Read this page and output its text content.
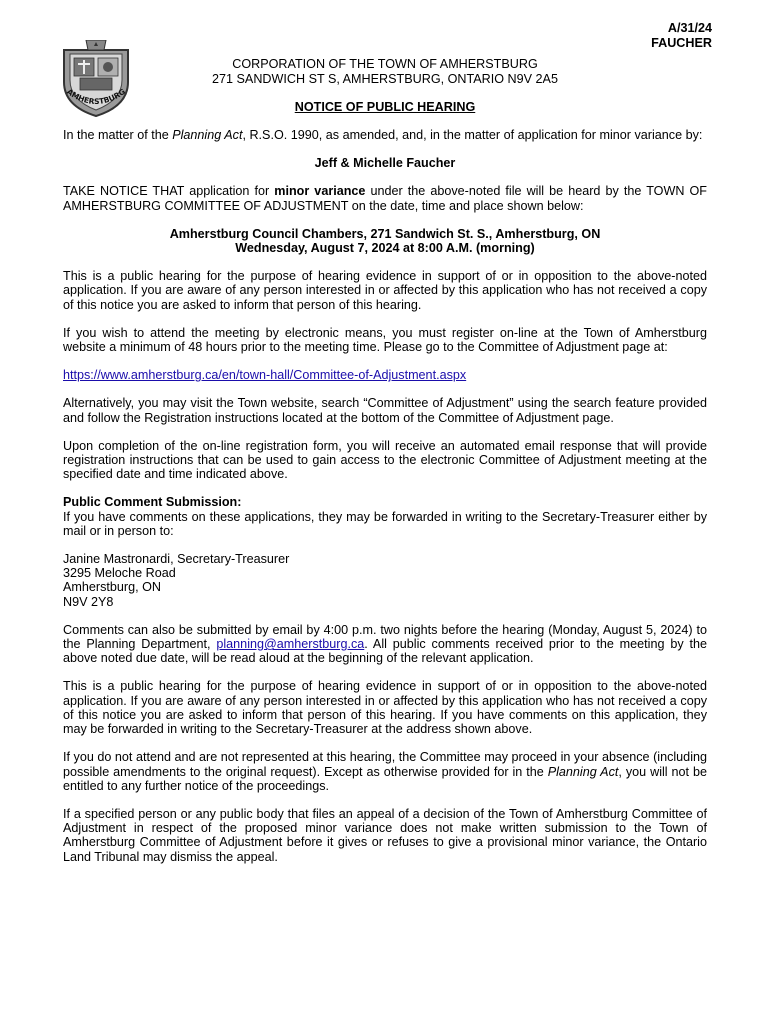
A/31/24
FAUCHER
AMHERSTBURG
CORPORATION OF THE TOWN OF AMHERSTBURG
271 SANDWICH ST S, AMHERSTBURG, ONTARIO N9V 2A5
NOTICE OF PUBLIC HEARING

In the matter of the Planning Act, R.S.O. 1990, as amended, and, in the matter of application for minor variance by:

Jeff & Michelle Faucher

TAKE NOTICE THAT application for minor variance under the above-noted file will be heard by the TOWN OF AMHERSTBURG COMMITTEE OF ADJUSTMENT on the date, time and place shown below:

Amherstburg Council Chambers, 271 Sandwich St. S., Amherstburg, ON
Wednesday, August 7, 2024 at 8:00 A.M. (morning)

This is a public hearing for the purpose of hearing evidence in support of or in opposition to the above-noted application. If you are aware of any person interested in or affected by this application who has not received a copy of this notice you are asked to inform that person of this hearing.

If you wish to attend the meeting by electronic means, you must register on-line at the Town of Amherstburg website a minimum of 48 hours prior to the meeting time. Please go to the Committee of Adjustment page at:

https://www.amherstburg.ca/en/town-hall/Committee-of-Adjustment.aspx

Alternatively, you may visit the Town website, search “Committee of Adjustment” using the search feature provided and follow the Registration instructions located at the bottom of the Committee of Adjustment page.

Upon completion of the on-line registration form, you will receive an automated email response that will provide registration instructions that can be used to gain access to the electronic Committee of Adjustment meeting at the specified date and time indicated above.

Public Comment Submission:
If you have comments on these applications, they may be forwarded in writing to the Secretary-Treasurer either by mail or in person to:

Janine Mastronardi, Secretary-Treasurer
3295 Meloche Road
Amherstburg, ON
N9V 2Y8

Comments can also be submitted by email by 4:00 p.m. two nights before the hearing (Monday, August 5, 2024) to the Planning Department, planning@amherstburg.ca. All public comments received prior to the meeting by the above noted due date, will be read aloud at the beginning of the relevant application.

This is a public hearing for the purpose of hearing evidence in support of or in opposition to the above-noted application. If you are aware of any person interested in or affected by this application who has not received a copy of this notice you are asked to inform that person of this hearing. If you have comments on this application, they may be forwarded in writing to the Secretary-Treasurer at the address shown above.

If you do not attend and are not represented at this hearing, the Committee may proceed in your absence (including possible amendments to the original request). Except as otherwise provided for in the Planning Act, you will not be entitled to any further notice of the proceedings.

If a specified person or any public body that files an appeal of a decision of the Town of Amherstburg Committee of Adjustment in respect of the proposed minor variance does not make written submission to the Town of Amherstburg Committee of Adjustment before it gives or refuses to give a provisional minor variance, the Ontario Land Tribunal may dismiss the appeal.
